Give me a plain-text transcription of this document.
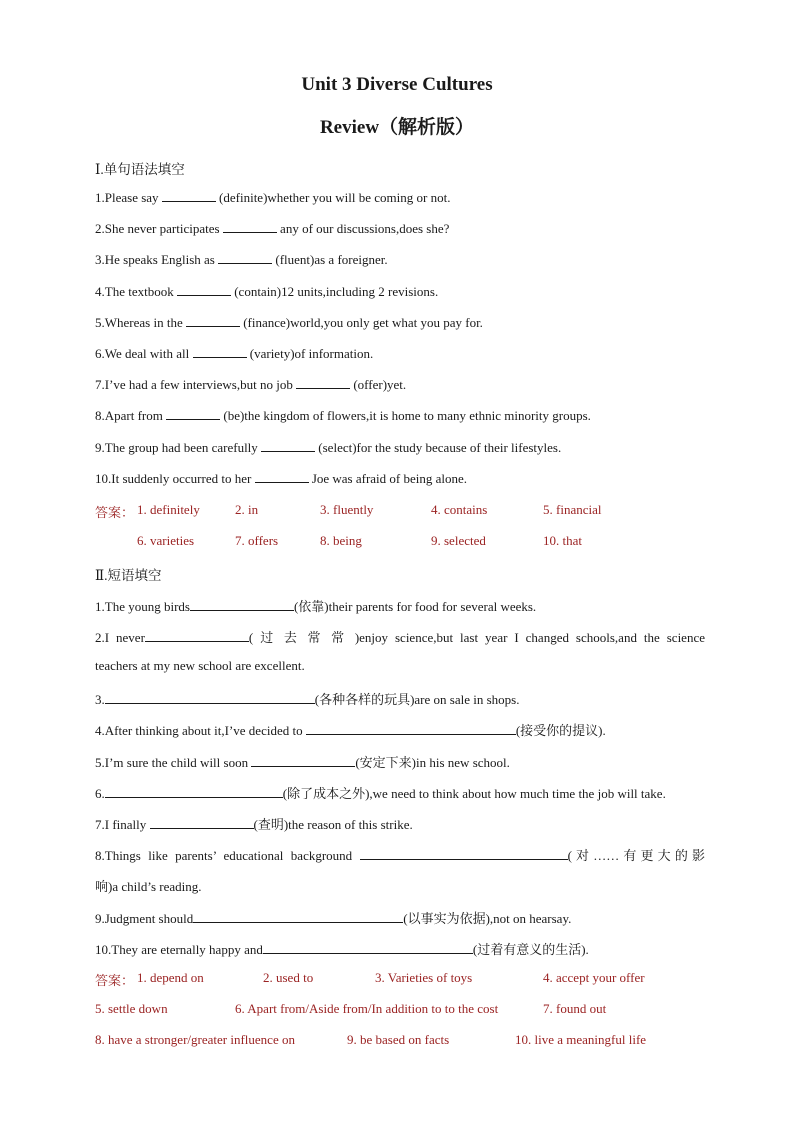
Unit 3 Diverse Cultures
Review（解析版）
Ⅰ.单句语法填空
1.Please say	(definite)whether you will be coming or not.
2.She never participates	any of our discussions,does she?
3.He speaks English as	(fluent)as a foreigner.
4.The textbook	(contain)12 units,including 2 revisions.
5.Whereas in the	(finance)world,you only get what you pay for.
6.We deal with all	(variety)of information.
7.I’ve had a few interviews,but no job	(offer)yet.
8.Apart from	(be)the kingdom of flowers,it is home to many ethnic minority groups.
9.The group had been carefully	(select)for the study because of their lifestyles.
10.It suddenly occurred to her	Joe was afraid of being alone.
答案： 1. definitely	2. in	3. fluently	4. contains	5. financial
6. varieties	7. offers	8. being	9. selected	10. that
Ⅱ.短语填空
1.The young birds	(依靠)their parents for food for several weeks.
2.I never	( 过 去 常 常 )enjoy science,but last year I changed schools,and the science
teachers at my new school are excellent.
3.	(各种各样的玩具)are on sale in shops.
4.After thinking about it,I’ve decided to	(接受你的提议).
5.I’m sure the child will soon	(安定下来)in his new school.
6.	(除了成本之外),we need to think about how much time the job will take.
7.I finally	(查明)the reason of this strike.
8.Things like parents’ educational background	(对……有更大的影
响)a child’s reading.
9.Judgment should	(以事实为依据),not on hearsay.
10.They are eternally happy and	(过着有意义的生活).
答案： 1. depend on	2. used to	3. Varieties of toys	4. accept your offer
5. settle down	6. Apart from/Aside from/In addition to to the cost	7. found out
8. have a stronger/greater influence on	9. be based on facts	10. live a meaningful life
